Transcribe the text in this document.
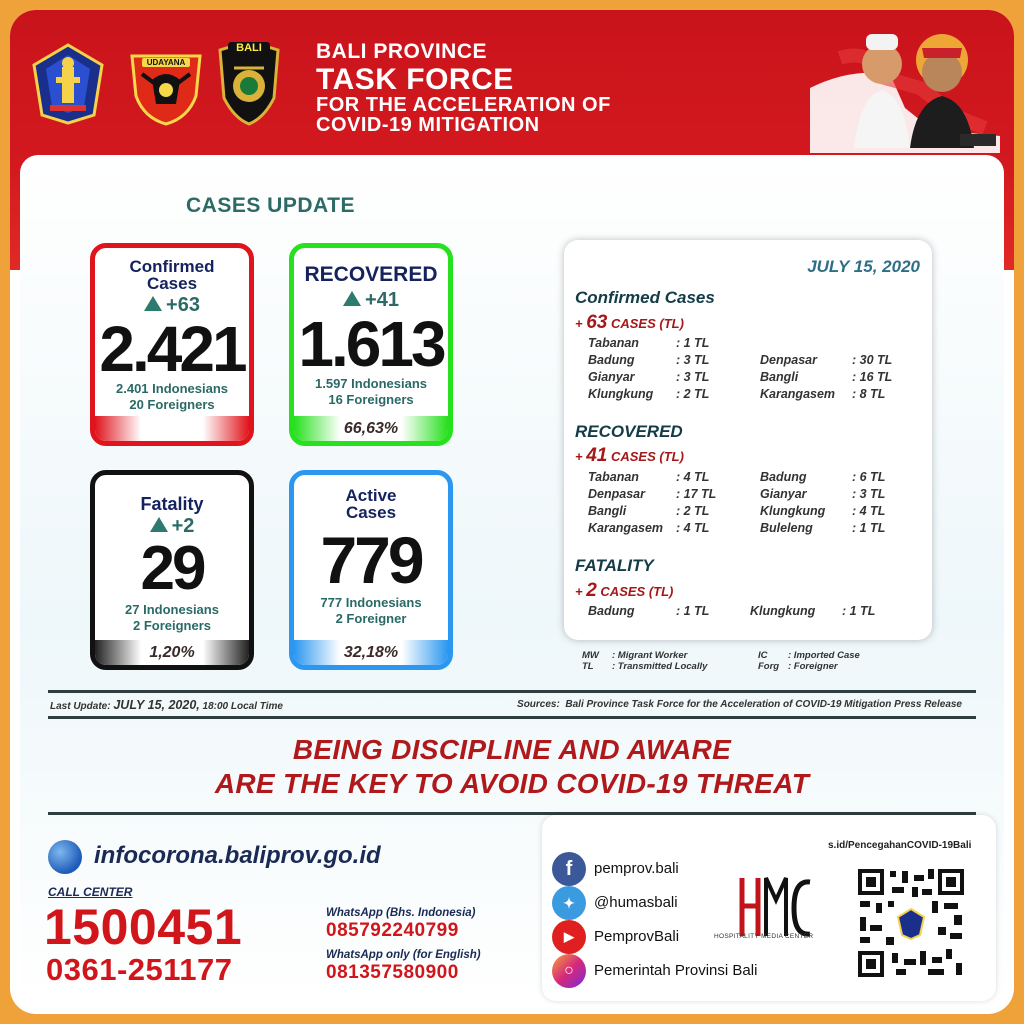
UDAYANA
BALI	BALI PROVINCE
TASK FORCE
FOR THE ACCELERATION OF
COVID-19 MITIGATION
CASES UPDATE
Confirmed
Cases
+63
2.421
2.401 Indonesians
20 Foreigners
RECOVERED
+41
1.613
1.597 Indonesians
16 Foreigners
66,63%
Fatality
+2
29
27 Indonesians
2 Foreigners
1,20%
Active
Cases
779
777 Indonesians
2 Foreigner
32,18%
JULY 15, 2020
Confirmed Cases
+ 63 CASES (TL)
Tabanan	: 1 TL
Badung	: 3 TL	Denpasar	: 30 TL
Gianyar	: 3 TL	Bangli	: 16 TL
Klungkung : 2 TL	Karangasem : 8 TL
RECOVERED
+ 41 CASES (TL)
Tabanan	: 4 TL	Badung	: 6 TL
Denpasar : 17 TL	Gianyar	: 3 TL
Bangli	: 2 TL	Klungkung : 4 TL
Karangasem : 4 TL	Buleleng	: 1 TL
FATALITY
+ 2 CASES (TL)
Badung	: 1 TL	Klungkung : 1 TL
MW : Migrant Worker
TL : Transmitted Locally
IC : Imported Case
Forg : Foreigner
Last Update: JULY 15, 2020, 18:00 Local Time	Sources: Bali Province Task Force for the Acceleration of COVID-19 Mitigation Press Release
BEING DISCIPLINE AND AWARE
ARE THE KEY TO AVOID COVID-19 THREAT
infocorona.baliprov.go.id
CALL CENTER
1500451
0361-251177
WhatsApp (Bhs. Indonesia)
085792240799
WhatsApp only (for English)
081357580900
f	pemprov.bali
✦	@humasbali
▶	PemprovBali
○	Pemerintah Provinsi Bali
HOSPITALITY MEDIA CENTER
s.id/PencegahanCOVID-19Bali
